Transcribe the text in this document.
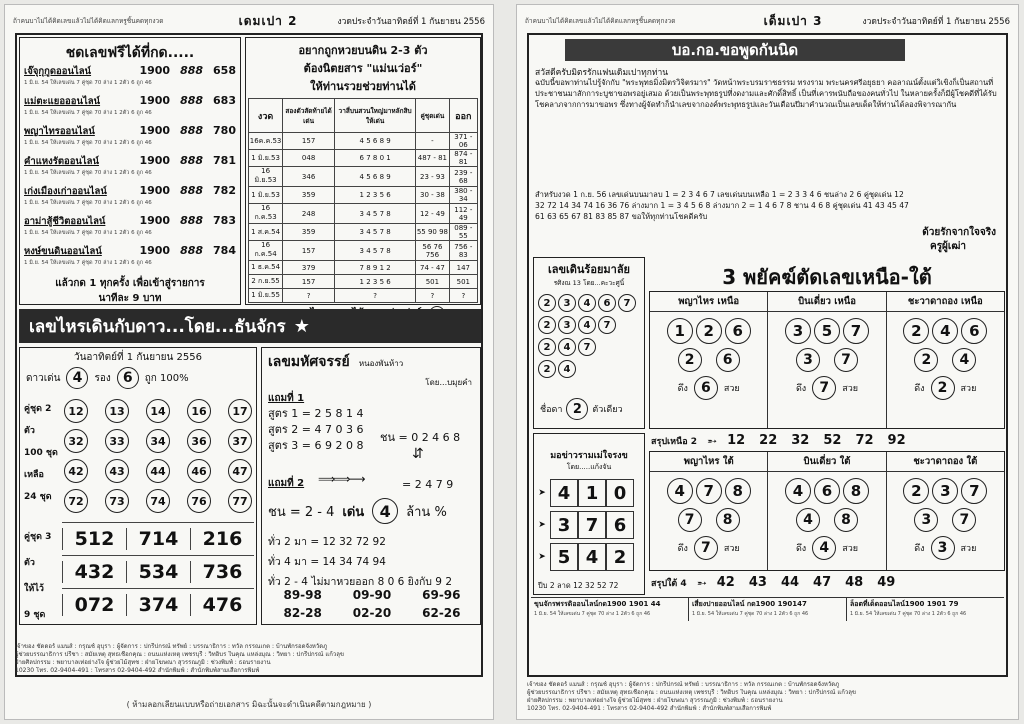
ถ้าคนบาไม่ได้คิดเลขแล้วไม่ได้คิดแลกหรูชิ้นคดทุกงวด	เดมเปา 2	งวดประจำวันอาทิตย์ที่ 1 กันยายน 2556
ชดเลขฟรีได้ที่กด.....
เจ๊จุกุกูดออนไลน์	1900 888 658
1 มิ.ย. 54 ให้เลขเด่น 7 คู่ชุด 70 ล่าง 1 2ตัว 6 ถูก 46
แม่ตะแยอออนไลน์	1900 888 683
1 มิ.ย. 54 ให้เลขเด่น 7 คู่ชุด 70 ล่าง 1 2ตัว 6 ถูก 46
พญาไทรออนไลน์	1900 888 780
1 มิ.ย. 54 ให้เลขเด่น 7 คู่ชุด 70 ล่าง 1 2ตัว 6 ถูก 46
คำแหงรัตออนไลน์	1900 888 781
1 มิ.ย. 54 ให้เลขเด่น 7 คู่ชุด 70 ล่าง 1 2ตัว 6 ถูก 46
เก่งเมืองเก่าออนไลน์	1900 888 782
1 มิ.ย. 54 ให้เลขเด่น 7 คู่ชุด 70 ล่าง 1 2ตัว 6 ถูก 46
อาม่าสู้ชีวิตออนไลน์	1900 888 783
1 มิ.ย. 54 ให้เลขเด่น 7 คู่ชุด 70 ล่าง 1 2ตัว 6 ถูก 46
หงษ์ขนดินออนไลน์	1900 888 784
1 มิ.ย. 54 ให้เลขเด่น 7 คู่ชุด 70 ล่าง 1 2ตัว 6 ถูก 46
แล้วกด 1 ทุกครั้ง เพื่อเข้าสู่รายการ
นาทีละ 9 บาท
อยากถูกหวยบนดิน 2-3 ตัว
ต้องนิตยสาร "แม่นเว่อร์"
ให้ท่านรวยช่วยท่านได้
งวด	สองตัวสัดท้ายได้เด่น	วาสี่บนสวนใหญ่มาหลักสิบให้เด่น	คู่ชุดเด่น	ออก
16ค.ค.53	157	4 5 6 8 9	-	371 - 06
1 มิ.ย.53	048	6 7 8 0 1	487 - 81	874 - 81
16 มิ.ย.53	346	4 5 6 8 9	23 - 93	239 - 68
1 มิ.ย.53	359	1 2 3 5 6	30 - 38	380 - 34
16 ก.ค.53	248	3 4 5 7 8	12 - 49	112 - 49
1 ส.ค.54	359	3 4 5 7 8	55 90 98	089 - 55
16 ก.ค.54	157	3 4 5 7 8	56 76 756	756 - 83
1 ธ.ค.54	379	7 8 9 1 2	74 - 47	147
2 ก.ย.55	157	1 2 3 5 6	501	501
1 มิ.ย.55	?	?	?	?
เลขไหรเดินกับดาว...โดย...ธันจักร ★
วันอาทิตย์ที่ 1 กันยายน 2556
ดาวเด่น 4 รอง 6 ถูก 100%
คู่ชุด 2 ตัว
100 ชุด เหลือ
24 ชุด
12	13	14	16	17
32	33	34	36	37
42	43	44	46	47
72	73	74	76	77
คู่ชุด 3 ตัว
ให้ไว้
9 ชุด
512	714	216
432	534	736
072	374	476
เลขมหัศจรรย์ หนองพันห้าว
โดย...บมุยคำ
แถมที่ 1
สูตร 1 = 2 5 8 1 4
สูตร 2 = 4 7 0 3 6
สูตร 3 = 6 9 2 0 8
ชน = 0 2 4 6 8
⇵
แถมที่ 2 ⟹⟹⟶	= 2 4 7 9
ชน = 2 - 4 เด่น 4 ล้าน %
ทั่ว 2 มา = 12 32 72 92
ทั่ว 4 มา = 14 34 74 94
ทั่ว 2 - 4 ไม่มาหวยออก 8 0 6 ยิงกับ 9 2
89-98	09-90	69-96
82-28	02-20	62-26
เจ้าของ ชัดดอร์ แมนส์ : กรุณช์ อุบุรา : ผู้จัดการ : ปกรีปกรณ์ ทรัพย์ : บรรณาธิการ : ทวัล กรรณเกต : บ้านพักรอดจังหวัดภู
ผู้ช่วยบรรณาธิการ ปรีชา : สมัยเหตุ สุทธเชือกคุณ : ถนนแห่งเหตุ เพชรบุรี : วิทอิบร ในคุณ แหล่งมุณ : วิทยา : ปกรีปกรณ์ แก้วลุข
ฝ่ายศิลปกรรม : พยาบาลเท่อย่างใจ ผู้ช่วยไม้สุทช : ฝ่ายโฆษณา สุวรรณภูมิ : ช่วงพิมพ์ : ธอนรายงาน
10230 โทร. 02-9404-491 : โทรสาร 02-9404-492 สำนักพิมพ์ : สำนักพิมพ์สามเสือการพิมพ์
( ห้ามลอกเลียนแบบหรือถ่ายเอกสาร มิฉะนั้นจะดำเนินคดีตามกฎหมาย )
ถ้าคนบาไม่ได้คิดเลขแล้วไม่ได้คิดแลกหรูชิ้นคดทุกงวด	เด็มเปา 3	งวดประจำวันอาทิตย์ที่ 1 กันยายน 2556
บอ.กอ.ขอพูดกันนิด
สวัสดีครับมิตรรักแฟนเดิมเปาทุกท่าน
ฉบับนี้ขอพาท่านไปรู้จักกับ "พระพุทธมิ่งมิตรวิจิตรมาร" วัดหน้าพระบรมราชธรรม ทรงราม พระนครศรีอยุธยา คอลาณน์ตั้งแต่วิเขิงก็เป็นสถานที่ประชาชนมาสักการะบูชาขอพรอยู่เสมอ ด้วยเป็นพระพุทธรูปที่งดงามและศักดิ์สิทธิ์ เป็นที่เคารพนับถือของคนทั่วไป ในหลายครั้งก็มีผู้โชคดีที่ได้รับโชคลาภจากการมาขอพร ซึ่งทางผู้จัดทำก็นำเลขจากองค์พระพุทธรูปและวันเดือนปีมาคำนวณเป็นเลขเด็ดให้ท่านได้ลองพิจารณากัน
สำหรับงวด 1 ก.ย. 56 เลขเด่นบนมาลบ 1 = 2 3 4 6 7 เลขเด่นบนเหลือ 1 = 2 3 3 4 6 ชนล่าง 2 6 คู่ชุดเด่น 12
32 72 14 34 74 16 36 76 ล่างมาก 1 = 3 4 5 6 8 ล่างมาก 2 = 1 4 6 7 8 ชาน 4 6 8 คู่ชุดเด่น 41 43 45 47
61 63 65 67 81 83 85 87 ขอให้ทุกท่านโชคดีครับ
ด้วยรักจากใจจริง
ครูผู้เฒ่า
เลขเดินร้อยมาลัย
รศิงณ 13 โดย...คะวะศูนิ์
2	3	4	6	7
2	3	4	7
2	4	7
2	4
ชื่อดา 2 ตัวเดียว
3 พยัคฆ์ตัดเลขเหนือ-ใต้
พญาไหร เหนือ
1	2	6
2	6
ดึง 6	สวย
บินเดี่ยว เหนือ
3	5	7
3	7
ดึง 7	สวย
ชะวาดาถอง เหนือ
2	4	6
2	4
ดึง 2	สวย
สรุปเหนือ 2 ➵ 12 22 32 52 72 92
มอข่าวรามเม่ใจรงข
โดย.....แก้งจัน
➤ 4 1 0
➤ 3 7 6
➤ 5 4 2
ปีบ 2 ลาด 12 32 52 72
พญาไหร ใต้
4	7	8
7	8
ดึง 7	สวย
บินเดี่ยว ใต้
4	6	8
4	8
ดึง 4	สวย
ชะวาดาถอง ใต้
2	3	7
3	7
ดึง 3	สวย
สรุปใต้ 4 ➵ 42 43 44 47 48 49
ขุนจักรพรรดิออนไลน์กด1900 1901 44
1 มิ.ย. 54 ให้เลขเด่น 7 คู่ชุด 70 ล่าง 1 2ตัว 6 ถูก 46
เสี่ยงปายออนไลน์ กด1900 190147
1 มิ.ย. 54 ให้เลขเด่น 7 คู่ชุด 70 ล่าง 1 2ตัว 6 ถูก 46
ล็อตที่เด็ดออนไลน์1900 1901 79
1 มิ.ย. 54 ให้เลขเด่น 7 คู่ชุด 70 ล่าง 1 2ตัว 6 ถูก 46
เจ้าของ ชัดดอร์ แมนส์ : กรุณช์ อุบุรา : ผู้จัดการ : ปกรีปกรณ์ ทรัพย์ : บรรณาธิการ : ทวัล กรรณเกต : บ้านพักรอดจังหวัดภู
ผู้ช่วยบรรณาธิการ ปรีชา : สมัยเหตุ สุทธเชือกคุณ : ถนนแห่งเหตุ เพชรบุรี : วิทอิบร ในคุณ แหล่งมุณ : วิทยา : ปกรีปกรณ์ แก้วลุข
ฝ่ายศิลปกรรม : พยาบาลเท่อย่างใจ ผู้ช่วยไม้สุทช : ฝ่ายโฆษณา สุวรรณภูมิ : ช่วงพิมพ์ : ธอนรายงาน
10230 โทร. 02-9404-491 : โทรสาร 02-9404-492 สำนักพิมพ์ : สำนักพิมพ์สามเสือการพิมพ์
